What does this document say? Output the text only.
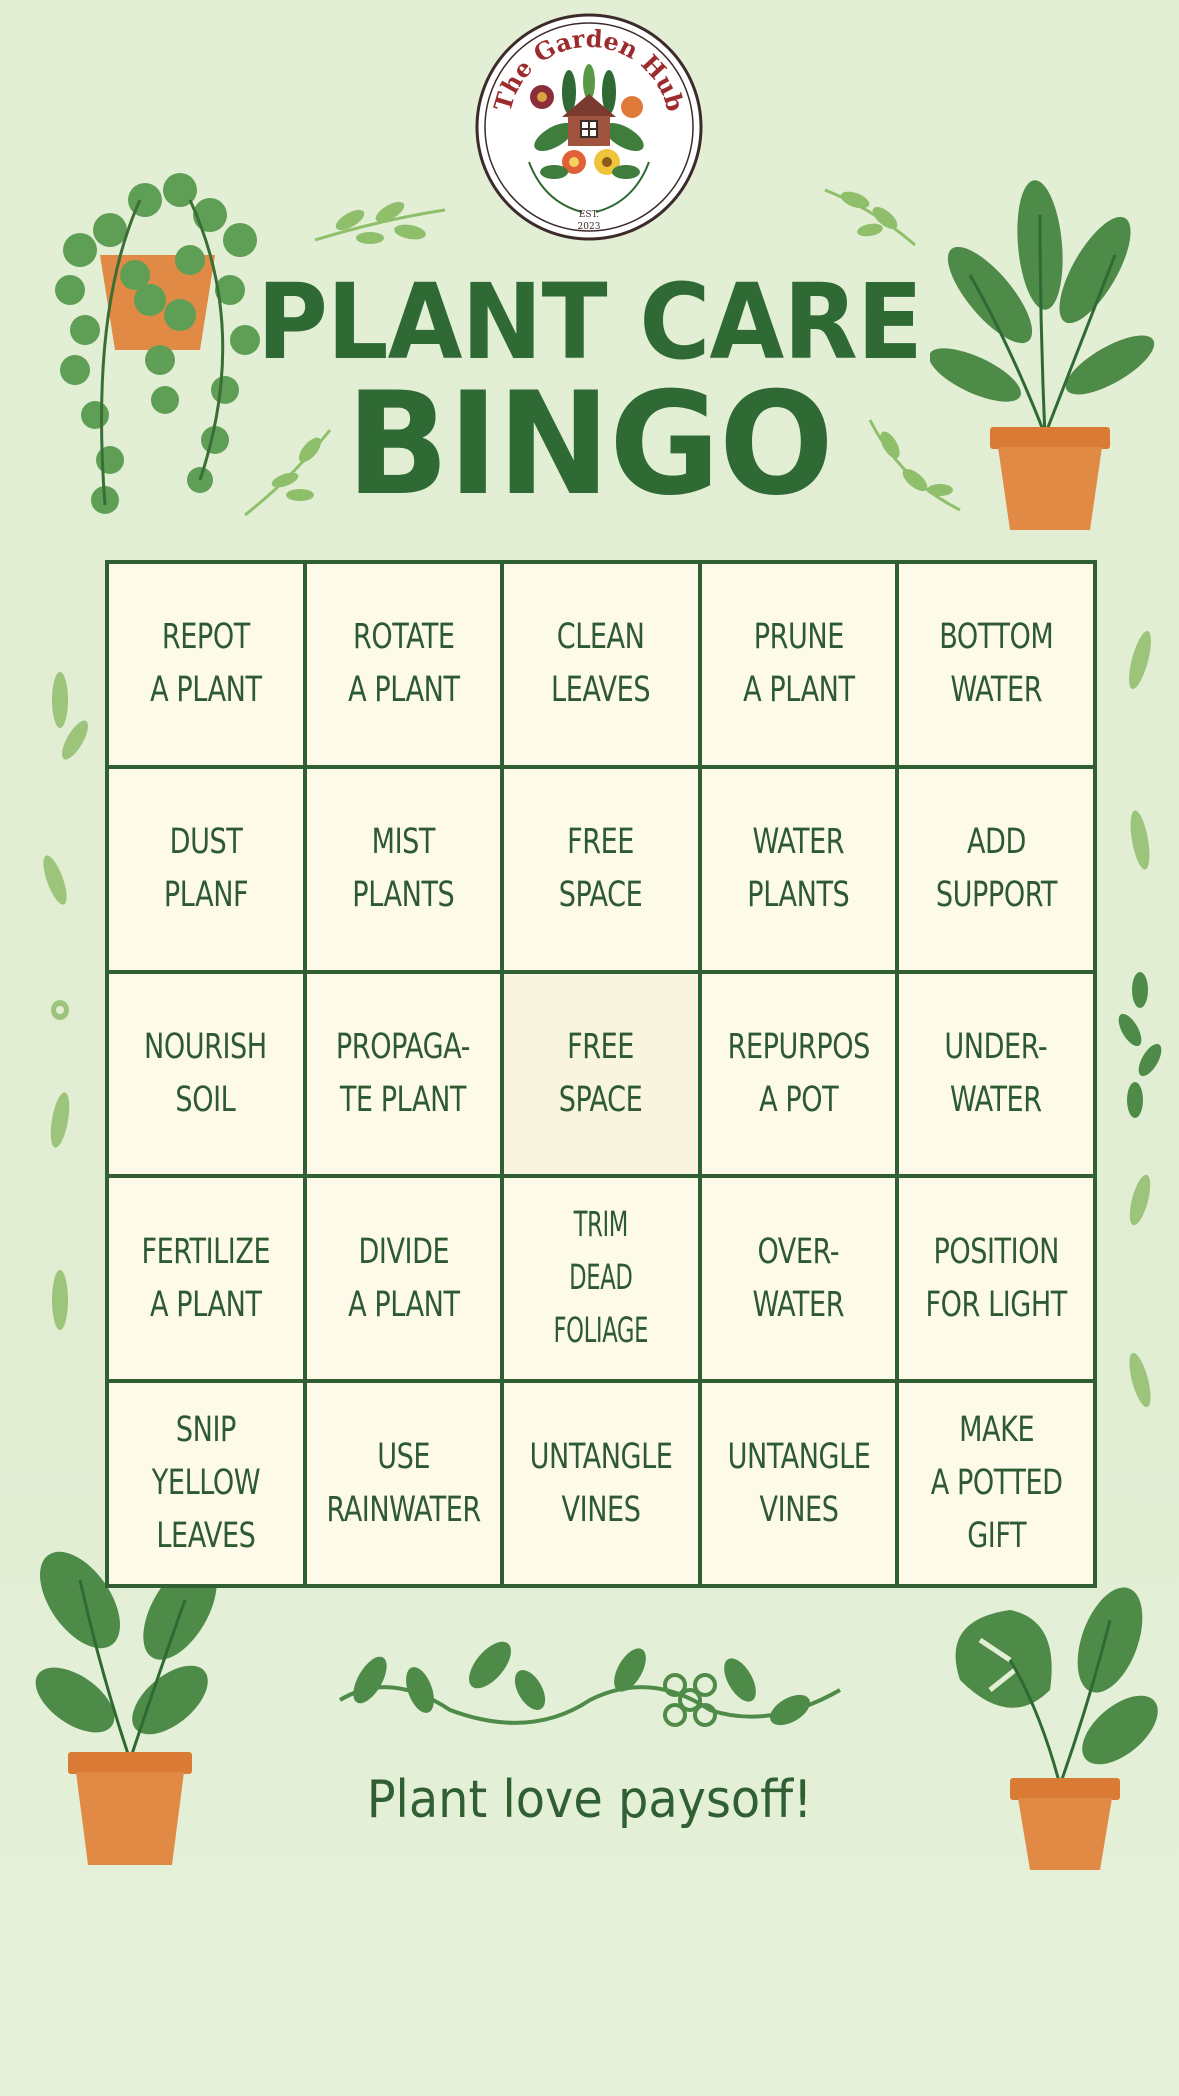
The Garden Hub
EST.
2023
PLANT CARE
BINGO
REPOT
A PLANT
ROTATE
A PLANT
CLEAN
LEAVES
PRUNE
A PLANT
BOTTOM
WATER
DUST
PLANF
MIST
PLANTS
FREE
SPACE
WATER
PLANTS
ADD
SUPPORT
NOURISH
SOIL
PROPAGA-
TE PLANT
FREE
SPACE
REPURPOS
A POT
UNDER-
WATER
FERTILIZE
A PLANT
DIVIDE
A PLANT
TRIM
DEAD FOLIAGE
OVER-
WATER
POSITION
FOR LIGHT
SNIP
YELLOW
LEAVES
USE
RAINWATER
UNTANGLE
VINES
UNTANGLE
VINES
MAKE
A POTTED
GIFT
Plant love paysoff!
